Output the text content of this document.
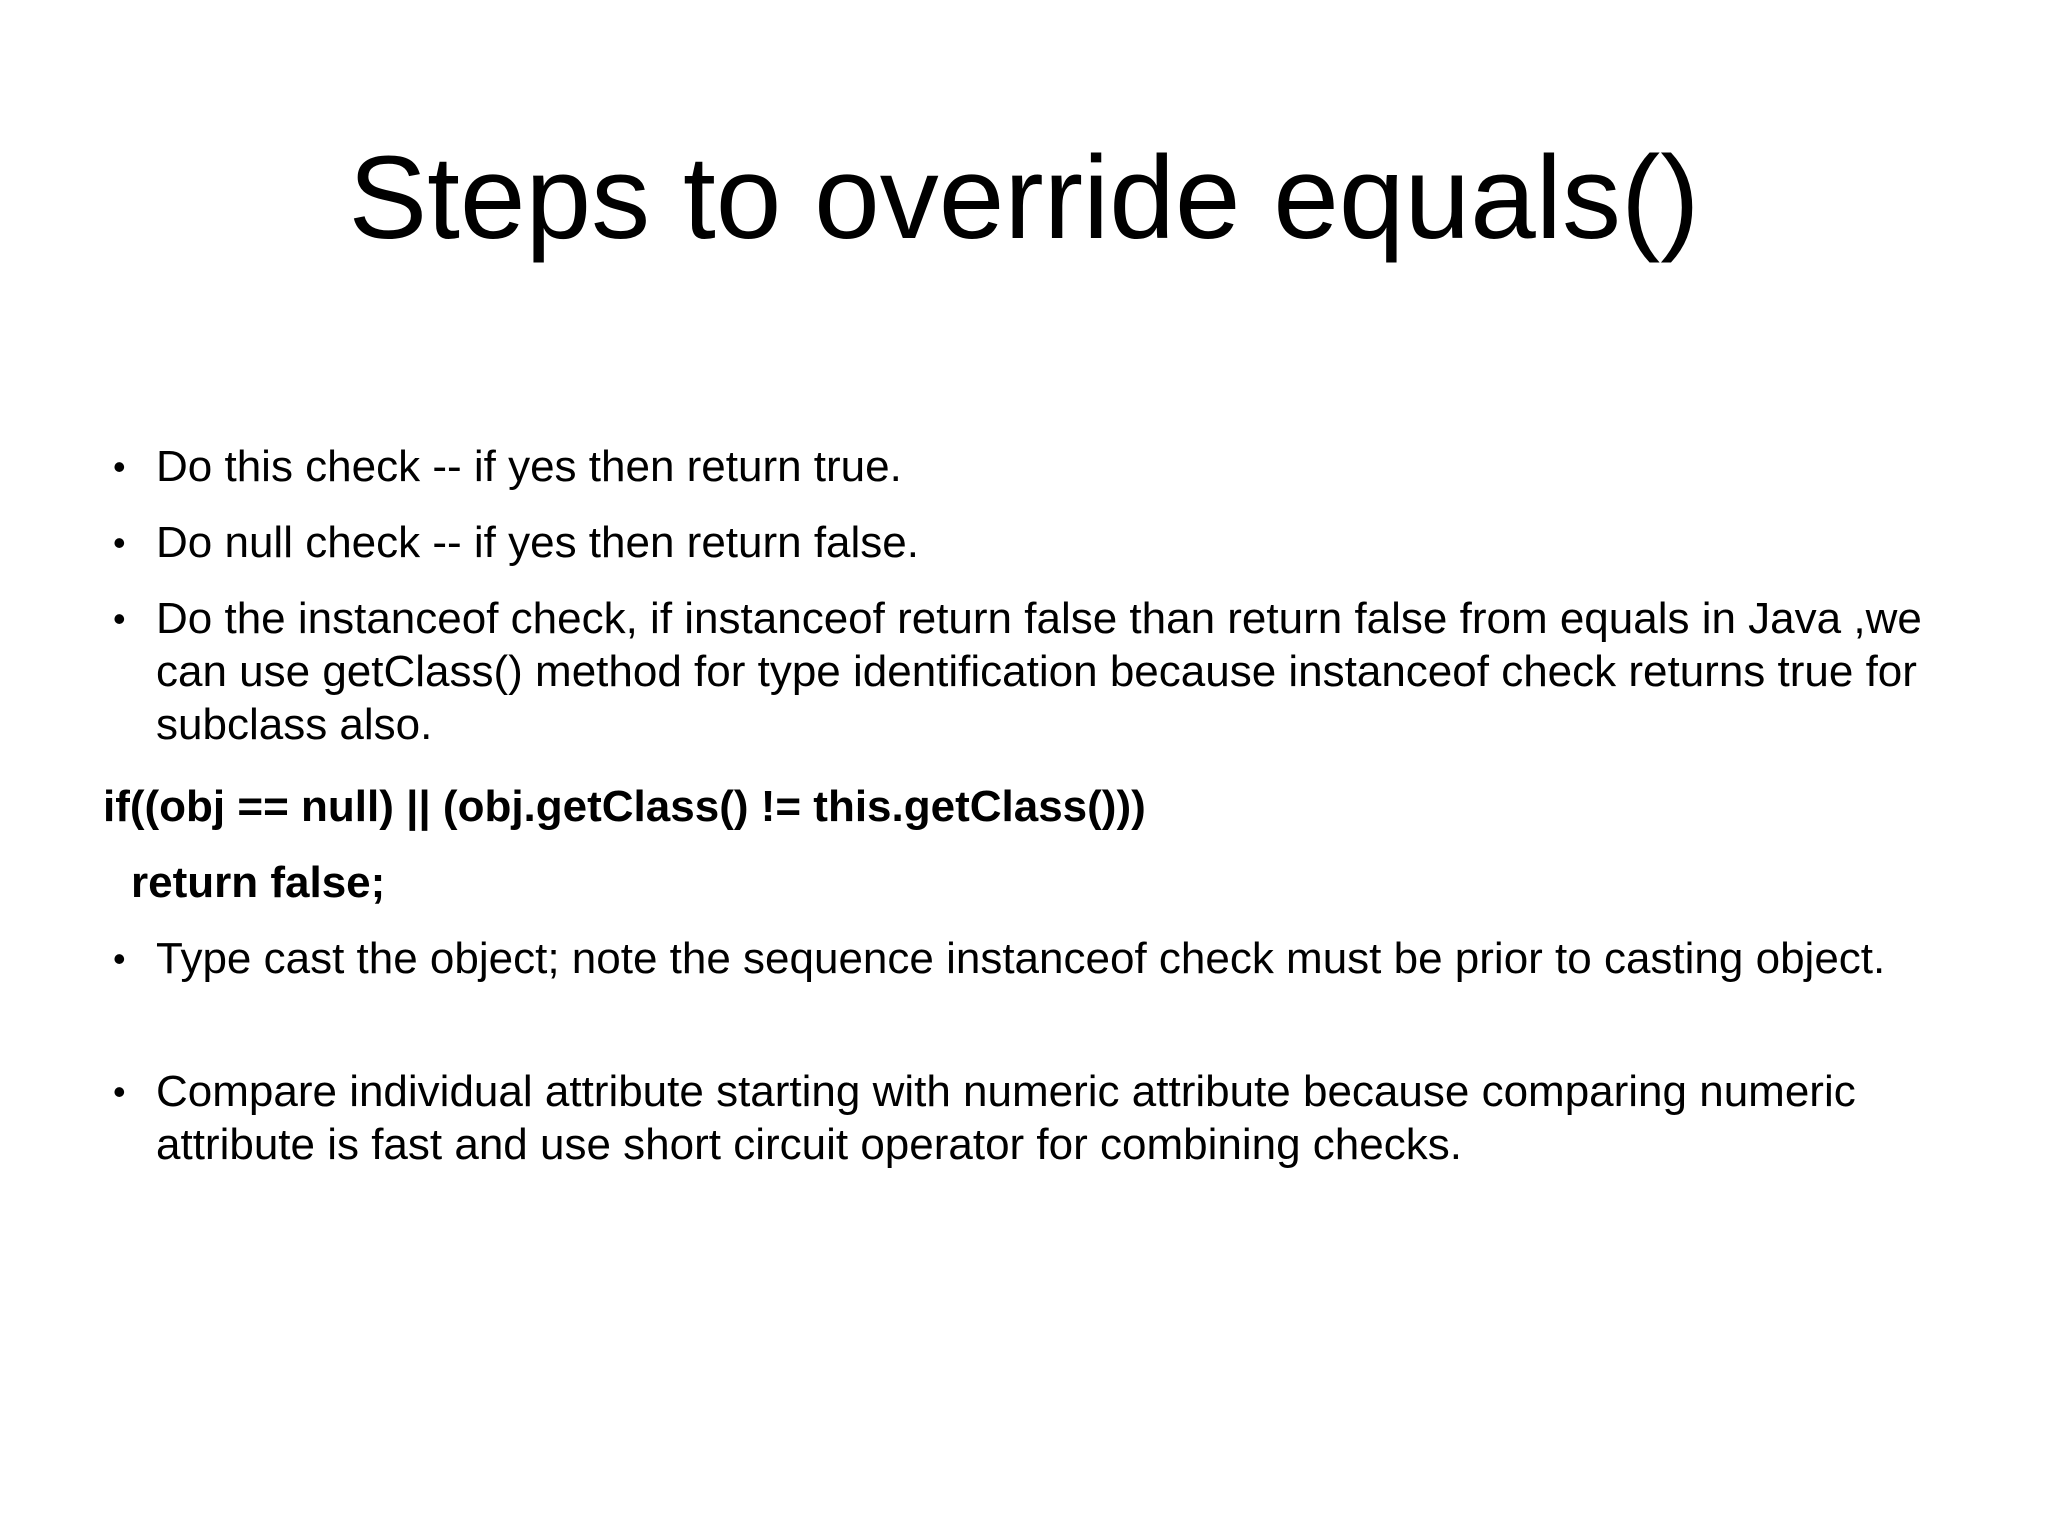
Steps to override equals()
• Do this check -- if yes then return true.
• Do null check -- if yes then return false.
• Do the instanceof check, if instanceof return false than return false from equals in Java ,we can use getClass() method for type identification because instanceof check returns true for subclass also.
if((obj == null) || (obj.getClass() != this.getClass()))
return false;
• Type cast the object; note the sequence instanceof check must be prior to casting object.
• Compare individual attribute starting with numeric attribute because comparing numeric attribute is fast and use short circuit operator for combining checks.
